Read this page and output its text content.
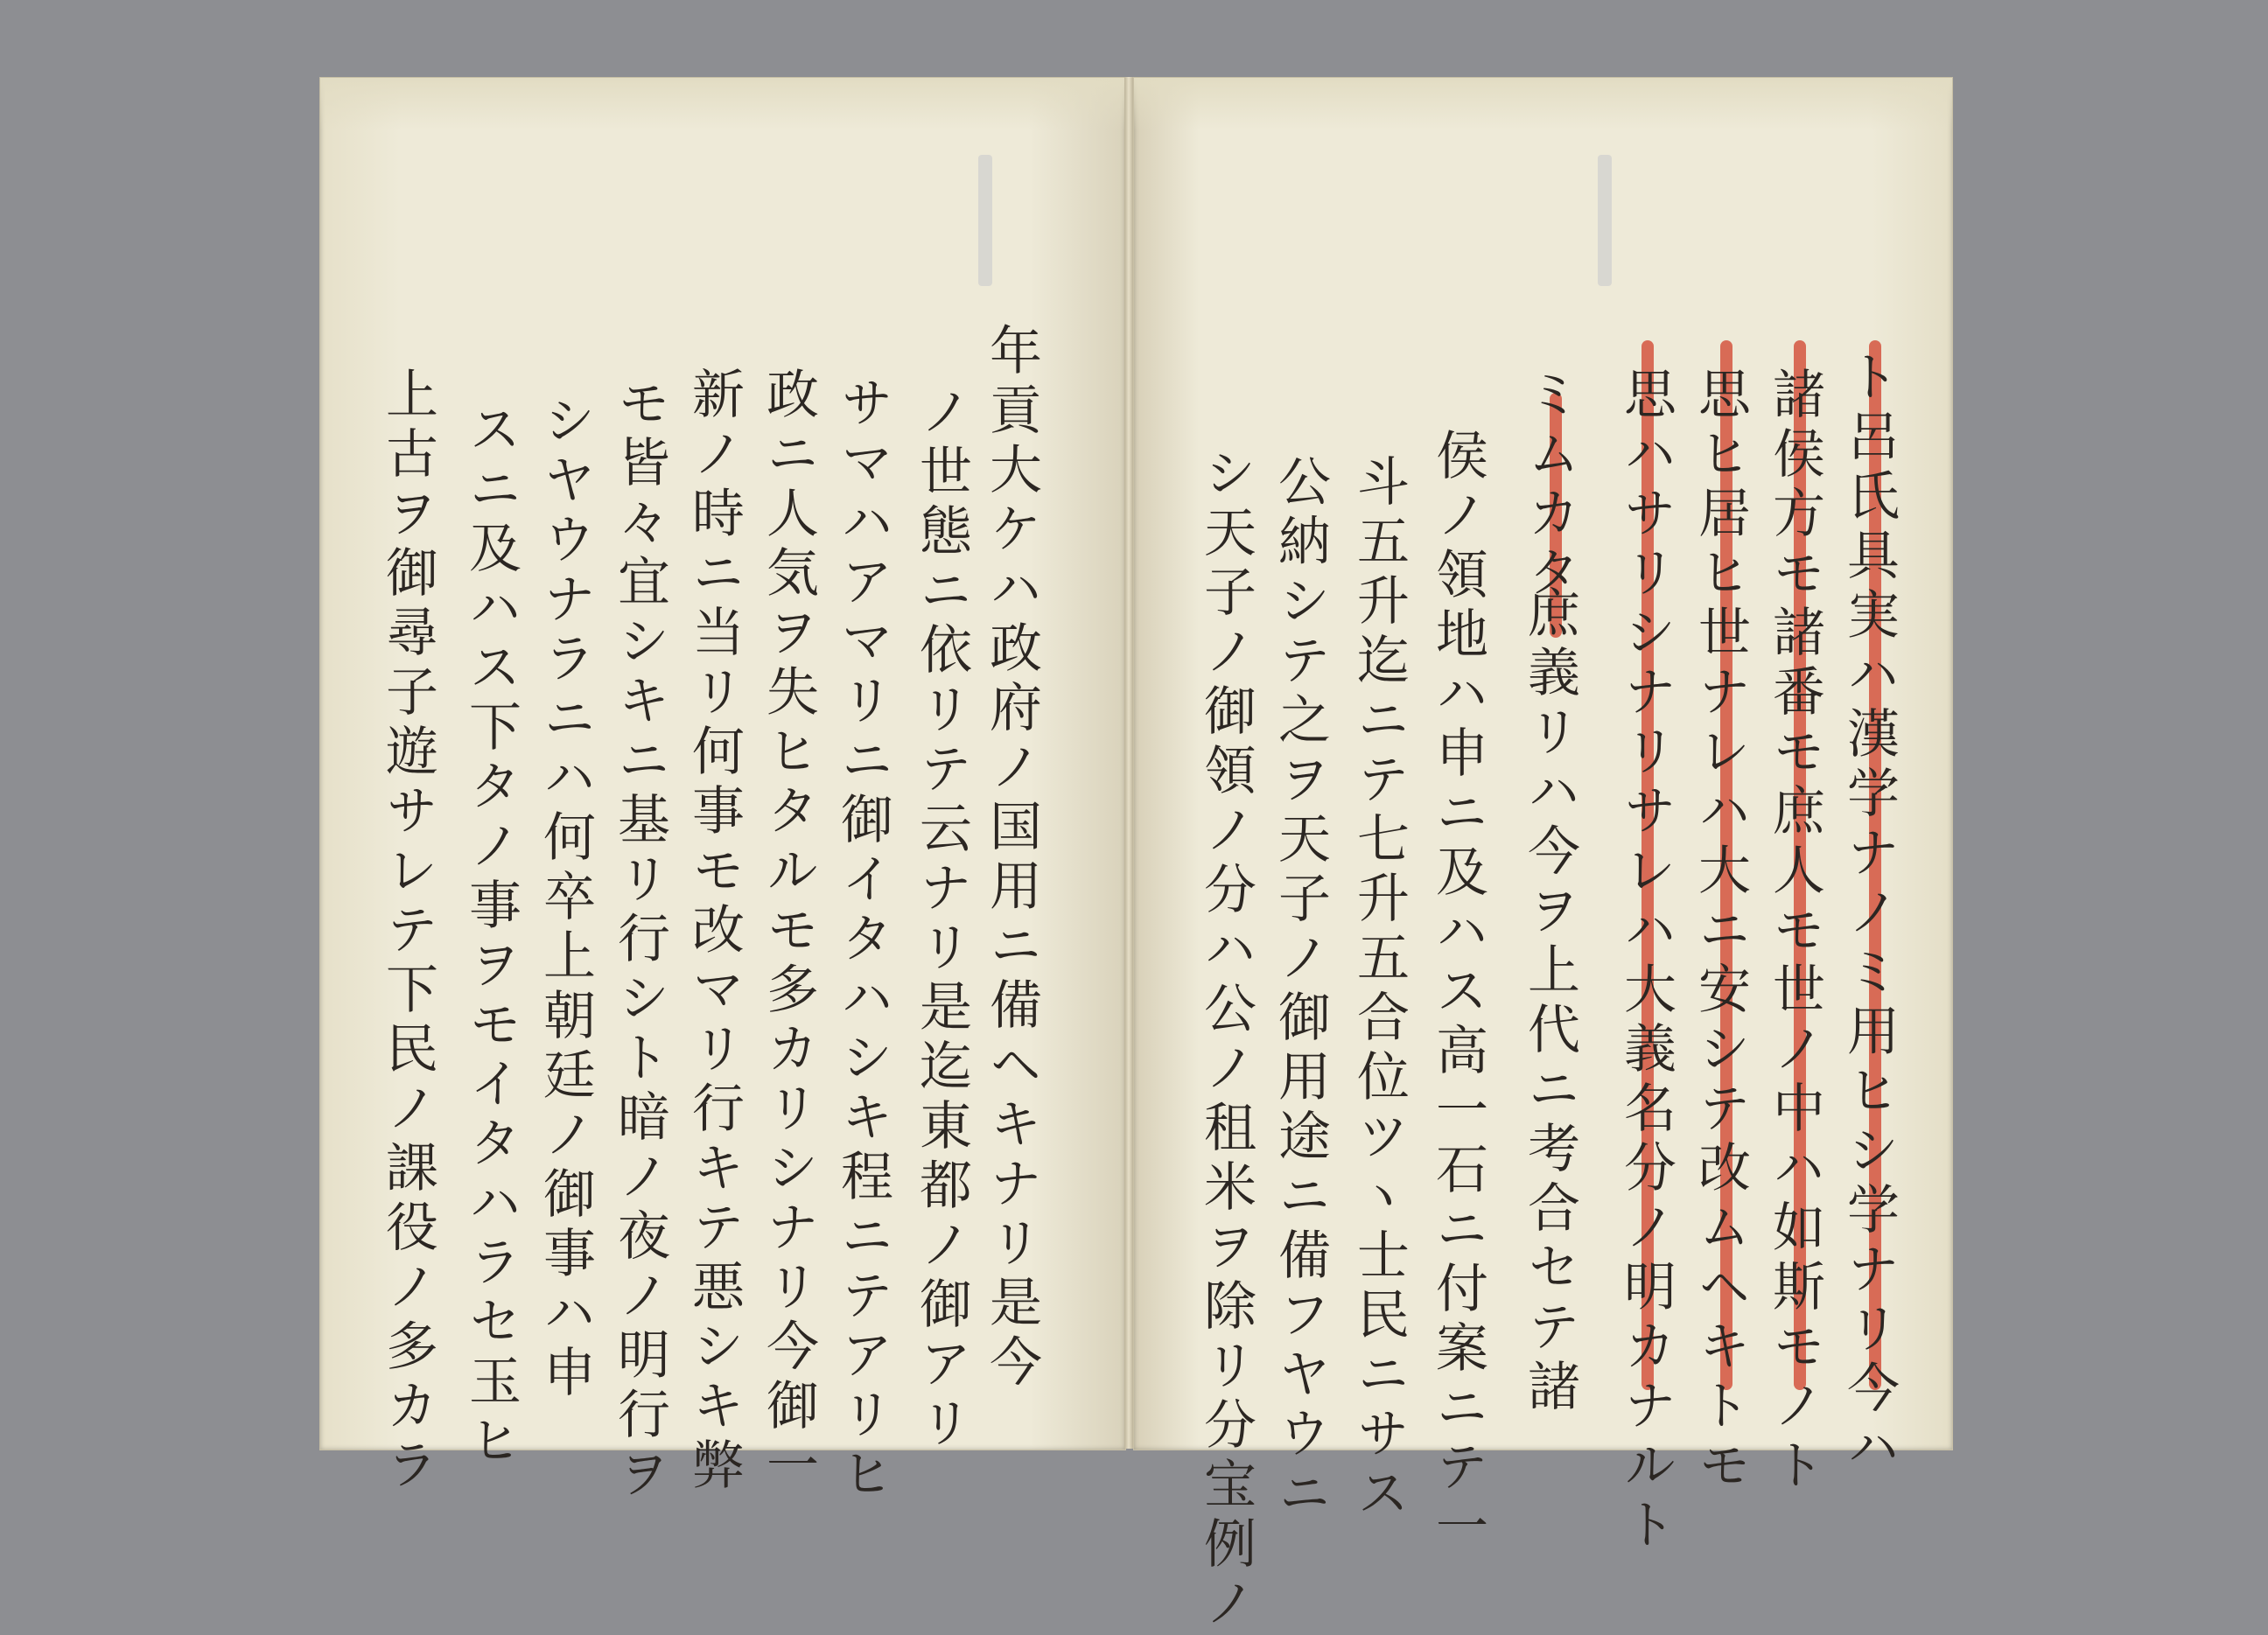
年貢大ケハ政府ノ国用ニ備ヘキナリ是今
ノ世態ニ依リテ云ナリ是迄東都ノ御アリ
サマハアマリニ御イタハシキ程ニテアリヒ
政ニ人気ヲ失ヒタルモ多カリシナリ今御一
新ノ時ニ当リ何事モ改マリ行キテ悪シキ弊
モ皆々宜シキニ基リ行シト暗ノ夜ノ明行ヲ
シヤウナラニハ何卒上朝廷ノ御事ハ申
スニ及ハス下タノ事ヲモイタハラセ玉ヒ
上古ヲ御尋子遊サレテ下民ノ課役ノ多カラ	ト呂氏具実ハ漢学ナノミ用ヒシ学ナリ今ハ
諸侯方モ諸番モ庶人モ世ノ中ハ如斯モノト
思ヒ居ヒ世ナレハ大ニ安シテ改ムヘキトモ
思ハサリシナリサレハ大義名分ノ明カナルト
ミムカタ
庶義リハ今ヲ上代ニ考合セテ諸
侯ノ領地ハ申ニ及ハス高一石ニ付案ニテ一
斗五升迄ニテ七升五合位ツヽ士民ニサス
公納シテ之ヲ天子ノ御用途ニ備フヤウニ
シ天子ノ御領ノ分ハ公ノ租米ヲ除リ分宝例ノ
